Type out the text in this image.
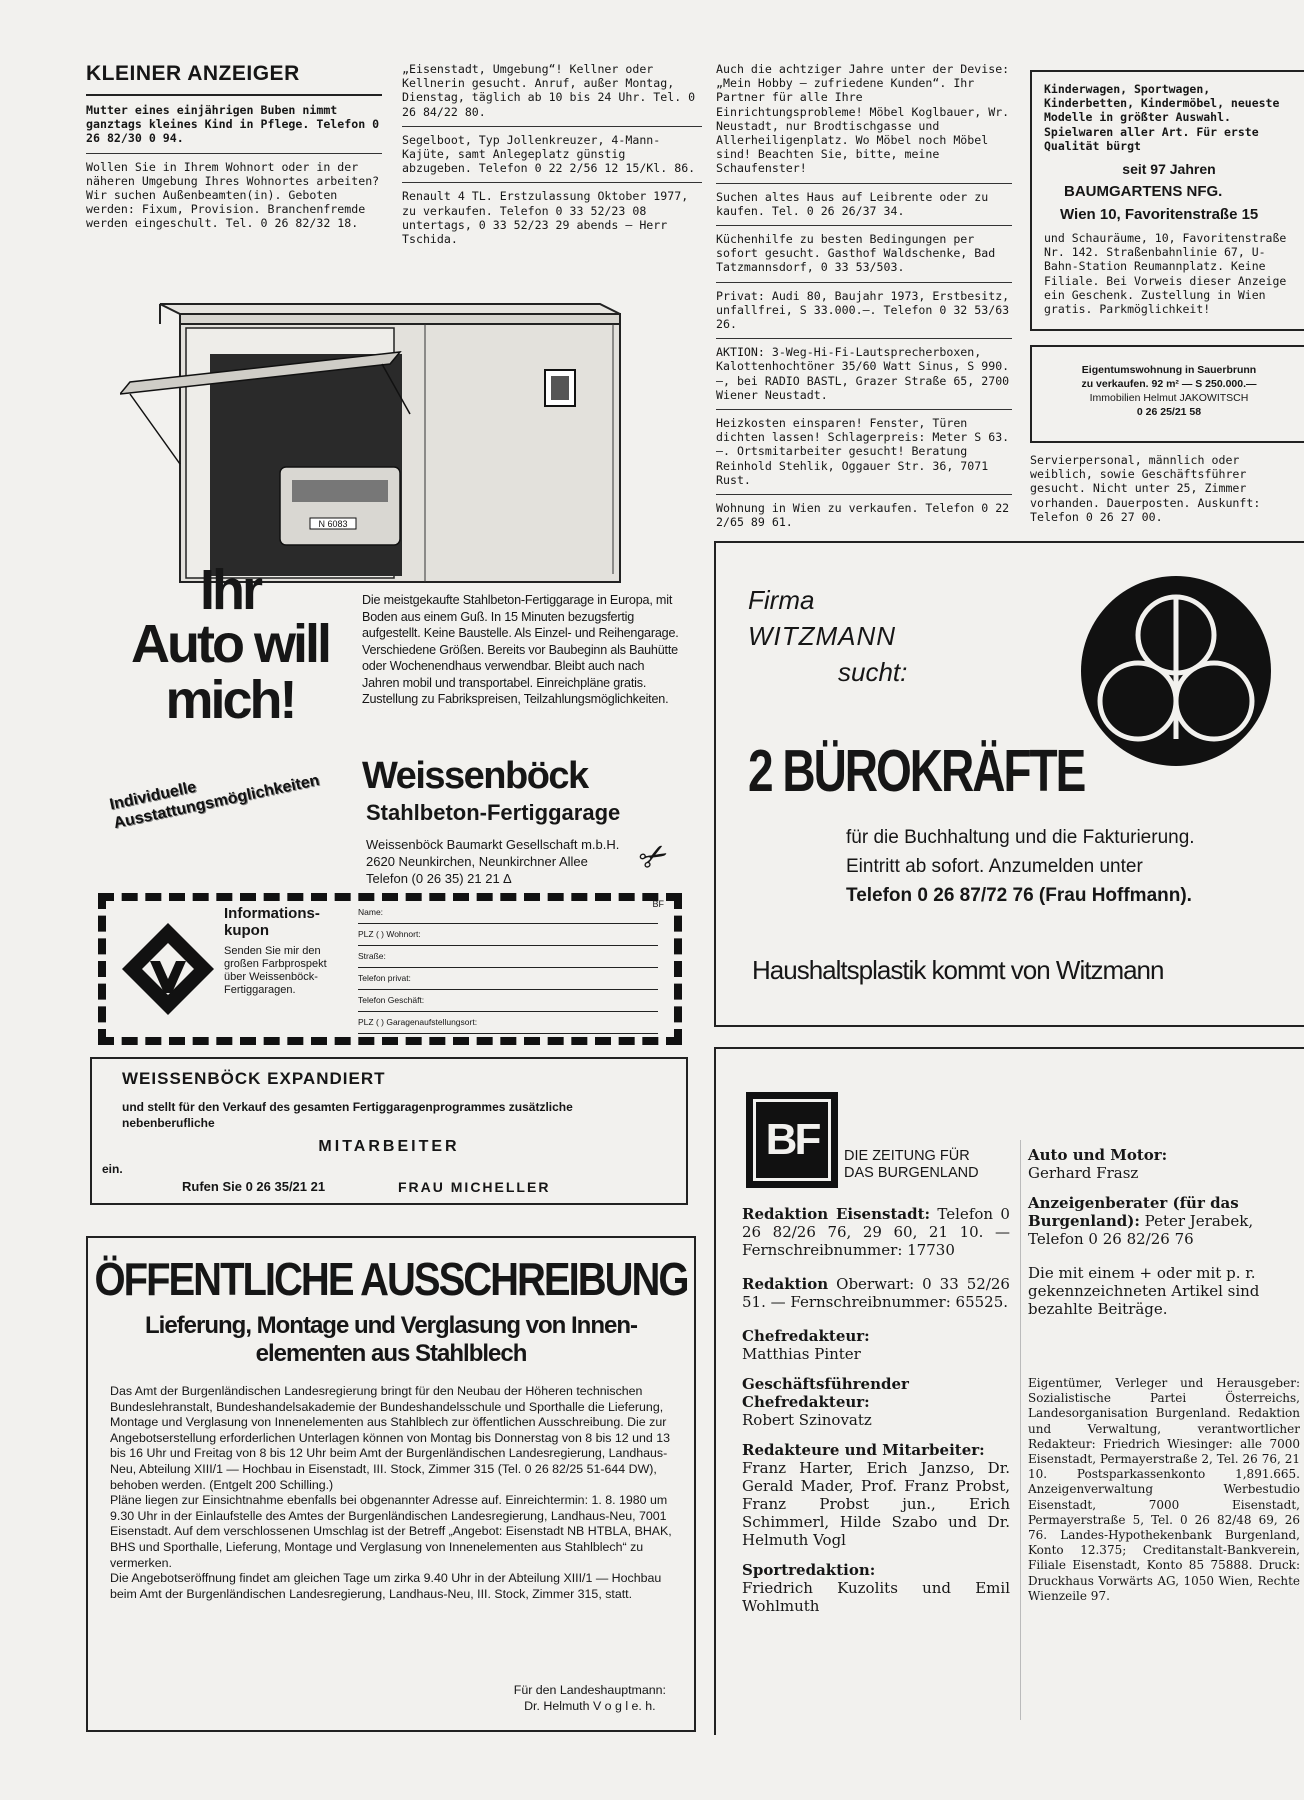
KLEINER ANZEIGER

Mutter eines einjährigen Buben nimmt ganztags kleines Kind in Pflege. Telefon 0 26 82/30 0 94.

Wollen Sie in Ihrem Wohnort oder in der näheren Umgebung Ihres Wohnortes arbeiten? Wir suchen Außenbeamten(in). Geboten werden: Fixum, Provision. Branchenfremde werden eingeschult. Tel. 0 26 82/32 18.

„Eisenstadt, Umgebung“! Kellner oder Kellnerin gesucht. Anruf, außer Montag, Dienstag, täglich ab 10 bis 24 Uhr. Tel. 0 26 84/22 80.

Segelboot, Typ Jollenkreuzer, 4-Mann-Kajüte, samt Anlegeplatz günstig abzugeben. Telefon 0 22 2/56 12 15/Kl. 86.

Renault 4 TL. Erstzulassung Oktober 1977, zu verkaufen. Telefon 0 33 52/23 08 untertags, 0 33 52/23 29 abends — Herr Tschida.

Auch die achtziger Jahre unter der Devise: „Mein Hobby — zufriedene Kunden“. Ihr Partner für alle Ihre Einrichtungsprobleme! Möbel Koglbauer, Wr. Neustadt, nur Brodtischgasse und Allerheiligenplatz. Wo Möbel noch Möbel sind! Beachten Sie, bitte, meine Schaufenster!

Suchen altes Haus auf Leibrente oder zu kaufen. Tel. 0 26 26/37 34.

Küchenhilfe zu besten Bedingungen per sofort gesucht. Gasthof Waldschenke, Bad Tatzmannsdorf, 0 33 53/503.

Privat: Audi 80, Baujahr 1973, Erstbesitz, unfallfrei, S 33.000.—. Telefon 0 32 53/63 26.

AKTION: 3-Weg-Hi-Fi-Lautsprecherboxen, Kalottenhochtöner 35/60 Watt Sinus, S 990.—, bei RADIO BASTL, Grazer Straße 65, 2700 Wiener Neustadt.

Heizkosten einsparen! Fenster, Türen dichten lassen! Schlagerpreis: Meter S 63.—. Ortsmitarbeiter gesucht! Beratung Reinhold Stehlik, Oggauer Str. 36, 7071 Rust.

Wohnung in Wien zu verkaufen. Telefon 0 22 2/65 89 61.

Kinderwagen, Sportwagen, Kinderbetten, Kindermöbel, neueste Modelle in größter Auswahl. Spielwaren aller Art. Für erste Qualität bürgt

seit 97 Jahren
BAUMGARTENS NFG.
Wien 10, Favoritenstraße 15

und Schauräume, 10, Favoritenstraße Nr. 142. Straßenbahnlinie 67, U-Bahn-Station Reumannplatz. Keine Filiale. Bei Vorweis dieser Anzeige ein Geschenk. Zustellung in Wien gratis. Parkmöglichkeit!

Eigentumswohnung in Sauerbrunn
zu verkaufen. 92 m² — S 250.000.—
Immobilien Helmut JAKOWITSCH
0 26 25/21 58

Servierpersonal, männlich oder weiblich, sowie Geschäftsführer gesucht. Nicht unter 25, Zimmer vorhanden. Dauerposten. Auskunft: Telefon 0 26 27 00.

N 6083
Ihr
Auto will
mich!
Individuelle Ausstattungsmöglichkeiten
Die meistgekaufte Stahlbeton-Fertiggarage in Europa, mit Boden aus einem Guß. In 15 Minuten bezugsfertig aufgestellt. Keine Baustelle. Als Einzel- und Reihengarage. Verschiedene Größen. Bereits vor Baubeginn als Bauhütte oder Wochenendhaus verwendbar. Bleibt auch nach Jahren mobil und transportabel. Einreichpläne gratis. Zustellung zu Fabrikspreisen, Teilzahlungsmöglichkeiten.
Weissenböck
Stahlbeton-Fertiggarage
Weissenböck Baumarkt Gesellschaft m.b.H.
2620 Neunkirchen, Neunkirchner Allee
Telefon (0 26 35) 21 21 ∆	✂
Informations-
kupon
Senden Sie mir den großen Farbprospekt über Weissenböck-Fertiggaragen.
BF
Name:
PLZ ( ) Wohnort:
Straße:
Telefon privat:
Telefon Geschäft:
PLZ ( ) Garagenaufstellungsort:
WEISSENBÖCK EXPANDIERT
und stellt für den Verkauf des gesamten Fertiggaragenprogrammes zusätzliche nebenberufliche
MITARBEITER
ein.
Rufen Sie 0 26 35/21 21	FRAU MICHELLER
ÖFFENTLICHE AUSSCHREIBUNG
Lieferung, Montage und Verglasung von Innen-
elementen aus Stahlblech
Das Amt der Burgenländischen Landesregierung bringt für den Neubau der Höheren technischen Bundeslehranstalt, Bundeshandelsakademie der Bundeshandelsschule und Sporthalle die Lieferung, Montage und Verglasung von Innenelementen aus Stahlblech zur öffentlichen Ausschreibung. Die zur Angebotserstellung erforderlichen Unterlagen können von Montag bis Donnerstag von 8 bis 12 und 13 bis 16 Uhr und Freitag von 8 bis 12 Uhr beim Amt der Burgenländischen Landesregierung, Landhaus-Neu, Abteilung XIII/1 — Hochbau in Eisenstadt, III. Stock, Zimmer 315 (Tel. 0 26 82/25 51-644 DW), behoben werden. (Entgelt 200 Schilling.)
Pläne liegen zur Einsichtnahme ebenfalls bei obgenannter Adresse auf. Einreichtermin: 1. 8. 1980 um 9.30 Uhr in der Einlaufstelle des Amtes der Burgenländischen Landesregierung, Landhaus-Neu, 7001 Eisenstadt. Auf dem verschlossenen Umschlag ist der Betreff „Angebot: Eisenstadt NB HTBLA, BHAK, BHS und Sporthalle, Lieferung, Montage und Verglasung von Innenelementen aus Stahlblech“ zu vermerken.
Die Angebotseröffnung findet am gleichen Tage um zirka 9.40 Uhr in der Abteilung XIII/1 — Hochbau beim Amt der Burgenländischen Landesregierung, Landhaus-Neu, III. Stock, Zimmer 315, statt.
Für den Landeshauptmann:
Dr. Helmuth V o g l e. h.
Firma
WITZMANN
sucht:
2 BÜROKRÄFTE
für die Buchhaltung und die Fakturierung.
Eintritt ab sofort. Anzumelden unter
Telefon 0 26 87/72 76 (Frau Hoffmann).
Haushaltsplastik kommt von Witzmann
BF DIE ZEITUNG FÜR
DAS BURGENLAND

Redaktion Eisenstadt: Telefon 0 26 82/26 76, 29 60, 21 10. — Fernschreibnummer: 17730

Redaktion Oberwart: 0 33 52/26 51. — Fernschreibnummer: 65525.

Chefredakteur:
Matthias Pinter

Geschäftsführender Chefredakteur:
Robert Szinovatz

Redakteure und Mitarbeiter:
Franz Harter, Erich Janzso, Dr. Gerald Mader, Prof. Franz Probst, Franz Probst jun., Erich Schimmerl, Hilde Szabo und Dr. Helmuth Vogl

Sportredaktion:
Friedrich Kuzolits und Emil Wohlmuth

Auto und Motor:
Gerhard Frasz

Anzeigenberater (für das Burgenland): Peter Jerabek, Telefon 0 26 82/26 76

Die mit einem + oder mit p. r. gekennzeichneten Artikel sind bezahlte Beiträge.

Eigentümer, Verleger und Herausgeber: Sozialistische Partei Österreichs, Landesorganisation Burgenland. Redaktion und Verwaltung, verantwortlicher Redakteur: Friedrich Wiesinger: alle 7000 Eisenstadt, Permayerstraße 2, Tel. 26 76, 21 10. Postsparkassenkonto 1,891.665. Anzeigenverwaltung Werbestudio Eisenstadt, 7000 Eisenstadt, Permayerstraße 5, Tel. 0 26 82/48 69, 26 76. Landes-Hypothekenbank Burgenland, Konto 12.375; Creditanstalt-Bankverein, Filiale Eisenstadt, Konto 85 75888. Druck: Druckhaus Vorwärts AG, 1050 Wien, Rechte Wienzeile 97.
